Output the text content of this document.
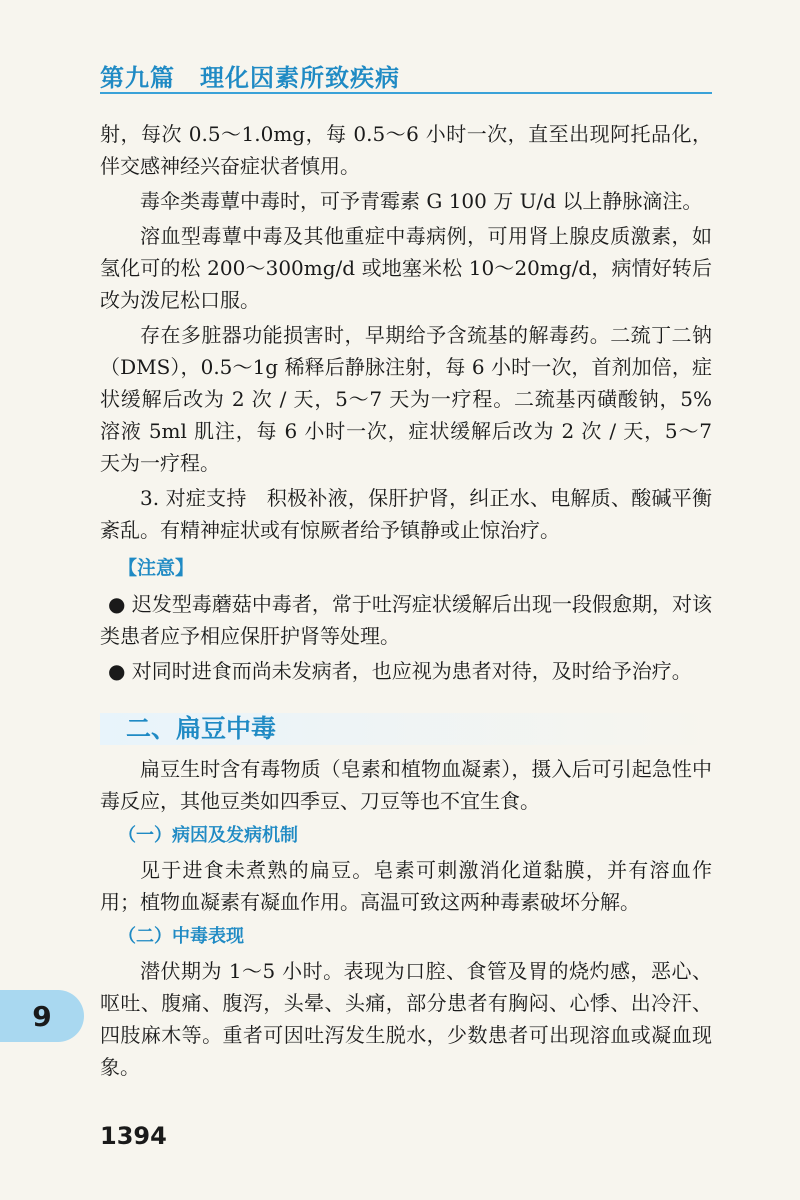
第九篇　理化因素所致疾病

射，每次 0.5～1.0mg，每 0.5～6 小时一次，直至出现阿托品化，伴交感神经兴奋症状者慎用。

毒伞类毒蕈中毒时，可予青霉素 G 100 万 U/d 以上静脉滴注。

溶血型毒蕈中毒及其他重症中毒病例，可用肾上腺皮质激素，如氢化可的松 200～300mg/d 或地塞米松 10～20mg/d，病情好转后改为泼尼松口服。

存在多脏器功能损害时，早期给予含巯基的解毒药。二巯丁二钠（DMS），0.5～1g 稀释后静脉注射，每 6 小时一次，首剂加倍，症状缓解后改为 2 次 / 天，5～7 天为一疗程。二巯基丙磺酸钠，5% 溶液 5ml 肌注，每 6 小时一次，症状缓解后改为 2 次 / 天，5～7 天为一疗程。

3. 对症支持　积极补液，保肝护肾，纠正水、电解质、酸碱平衡紊乱。有精神症状或有惊厥者给予镇静或止惊治疗。

【注意】

● 迟发型毒蘑菇中毒者，常于吐泻症状缓解后出现一段假愈期，对该类患者应予相应保肝护肾等处理。

● 对同时进食而尚未发病者，也应视为患者对待，及时给予治疗。

二、扁豆中毒

扁豆生时含有毒物质（皂素和植物血凝素），摄入后可引起急性中毒反应，其他豆类如四季豆、刀豆等也不宜生食。

（一）病因及发病机制

见于进食未煮熟的扁豆。皂素可刺激消化道黏膜，并有溶血作用；植物血凝素有凝血作用。高温可致这两种毒素破坏分解。

（二）中毒表现

潜伏期为 1～5 小时。表现为口腔、食管及胃的烧灼感，恶心、呕吐、腹痛、腹泻，头晕、头痛，部分患者有胸闷、心悸、出冷汗、四肢麻木等。重者可因吐泻发生脱水，少数患者可出现溶血或凝血现象。

9
1394
